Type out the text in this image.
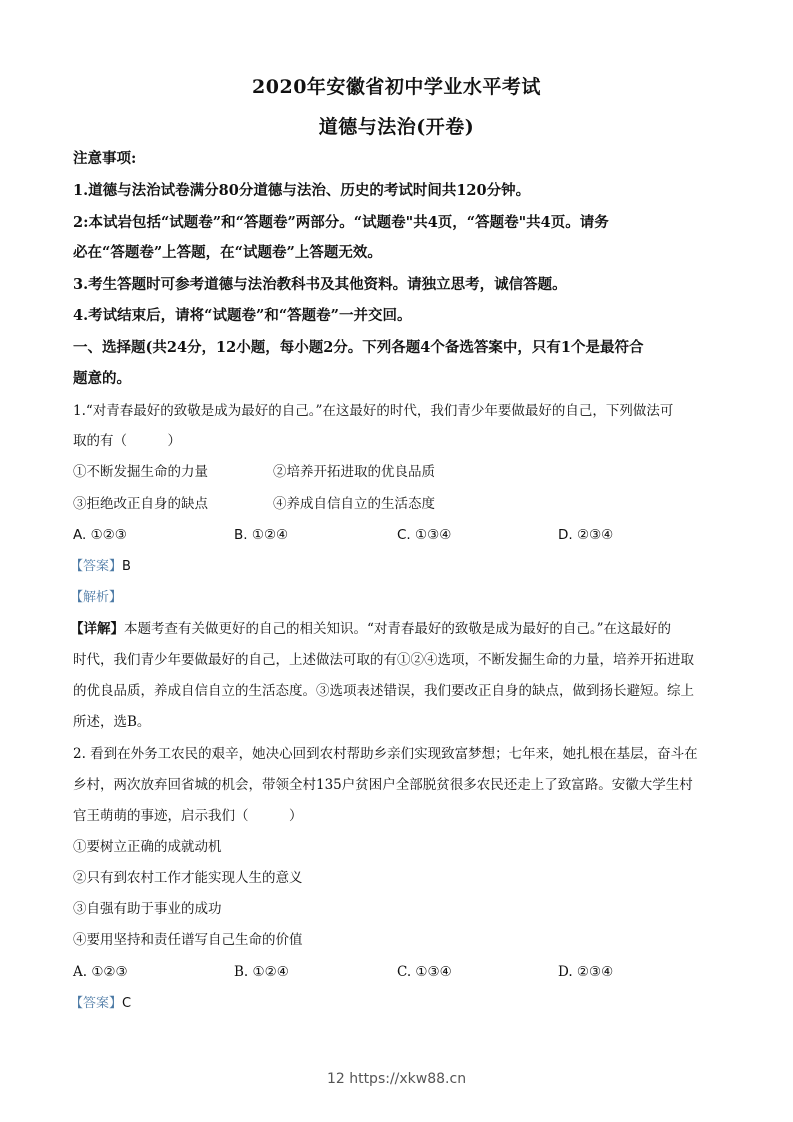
2020年安徽省初中学业水平考试
道德与法治(开卷)
注意事项:
1.道德与法治试卷满分80分道德与法治、历史的考试时间共120分钟。
2:本试岩包括“试题卷”和“答题卷”两部分。“试题卷"共4页，“答题卷"共4页。请务
必在“答题卷”上答题，在“试题卷”上答题无效。
3.考生答题时可参考道德与法治教科书及其他资料。请独立思考，诚信答题。
4.考试结束后，请将“试题卷”和“答题卷”一并交回。
一、选择题(共24分，12小题，每小题2分。下列各题4个备选答案中，只有1个是最符合
题意的。
1.“对青春最好的致敬是成为最好的自己。”在这最好的时代，我们青少年要做最好的自己，下列做法可
取的有（　　　）
①不断发掘生命的力量	②培养开拓进取的优良品质
③拒绝改正自身的缺点	④养成自信自立的生活态度
A. ①②③	B. ①②④	C. ①③④	D. ②③④
【答案】B
【解析】
【详解】本题考查有关做更好的自己的相关知识。“对青春最好的致敬是成为最好的自己。”在这最好的
时代，我们青少年要做最好的自己，上述做法可取的有①②④选项，不断发掘生命的力量，培养开拓进取
的优良品质，养成自信自立的生活态度。③选项表述错误，我们要改正自身的缺点，做到扬长避短。综上
所述，选B。
2. 看到在外务工农民的艰辛，她决心回到农村帮助乡亲们实现致富梦想；七年来，她扎根在基层，奋斗在
乡村，两次放弃回省城的机会，带领全村135户贫困户全部脱贫很多农民还走上了致富路。安徽大学生村
官王萌萌的事迹，启示我们（　　　）
①要树立正确的成就动机
②只有到农村工作才能实现人生的意义
③自强有助于事业的成功
④要用坚持和责任谱写自己生命的价值
A. ①②③	B. ①②④	C. ①③④	D. ②③④
【答案】C
12 https://xkw88.cn
